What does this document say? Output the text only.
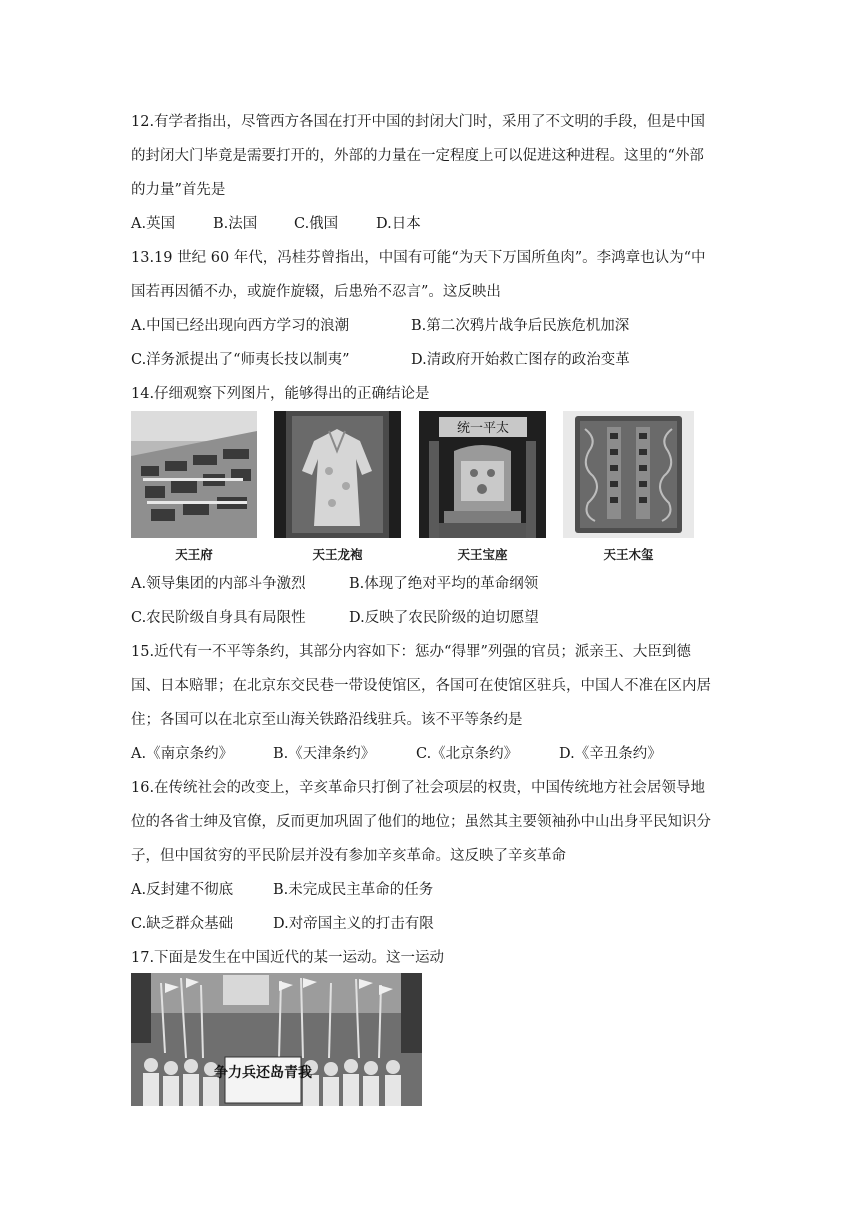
12.有学者指出，尽管西方各国在打开中国的封闭大门时，采用了不文明的手段，但是中国
的封闭大门毕竟是需要打开的，外部的力量在一定程度上可以促进这种进程。这里的“外部
的力量”首先是
A.英国	B.法国	C.俄国	D.日本
13.19 世纪 60 年代，冯桂芬曾指出，中国有可能“为天下万国所鱼肉”。李鸿章也认为“中
国若再因循不办，或旋作旋辍，后患殆不忍言”。这反映出
A.中国已经出现向西方学习的浪潮	B.第二次鸦片战争后民族危机加深
C.洋务派提出了“师夷长技以制夷”	D.清政府开始救亡图存的政治变革
14.仔细观察下列图片，能够得出的正确结论是
天王府	天王龙袍
统一平太
天王宝座	天王木玺
A.领导集团的内部斗争激烈	B.体现了绝对平均的革命纲领
C.农民阶级自身具有局限性	D.反映了农民阶级的迫切愿望
15.近代有一不平等条约，其部分内容如下：惩办“得罪”列强的官员；派亲王、大臣到德
国、日本赔罪；在北京东交民巷一带设使馆区，各国可在使馆区驻兵，中国人不准在区内居
住；各国可以在北京至山海关铁路沿线驻兵。该不平等条约是
A.《南京条约》	B.《天津条约》	C.《北京条约》	D.《辛丑条约》
16.在传统社会的改变上，辛亥革命只打倒了社会项层的权贵，中国传统地方社会居领导地
位的各省士绅及官僚，反而更加巩固了他们的地位；虽然其主要领袖孙中山出身平民知识分
子，但中国贫穷的平民阶层并没有参加辛亥革命。这反映了辛亥革命
A.反封建不彻底	B.未完成民主革命的任务
C.缺乏群众基础	D.对帝国主义的打击有限
17.下面是发生在中国近代的某一运动。这一运动
争力兵还岛青我
